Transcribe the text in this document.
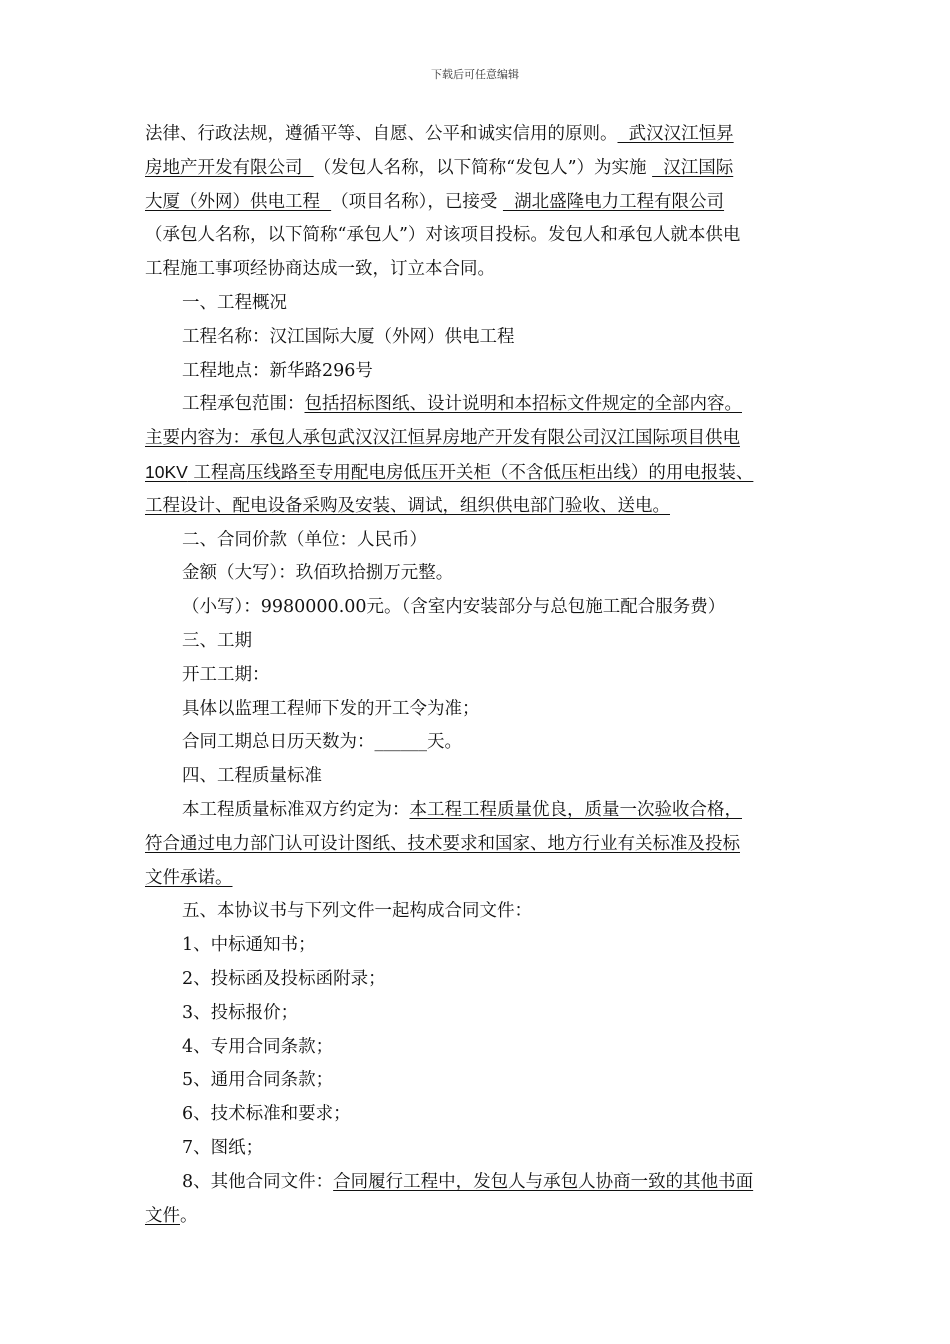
下载后可任意编辑
法律、行政法规，遵循平等、自愿、公平和诚实信用的原则。  武汉汉江恒昇
房地产开发有限公司  （发包人名称，以下简称“发包人”）为实施   汉江国际
大厦（外网）供电工程  （项目名称），已接受   湖北盛隆电力工程有限公司
（承包人名称，以下简称“承包人”）对该项目投标。发包人和承包人就本供电
工程施工事项经协商达成一致，订立本合同。
一、工程概况
工程名称：汉江国际大厦（外网）供电工程
工程地点：新华路296号
工程承包范围：包括招标图纸、设计说明和本招标文件规定的全部内容。
主要内容为：承包人承包武汉汉江恒昇房地产开发有限公司汉江国际项目供电
10KV 工程高压线路至专用配电房低压开关柜（不含低压柜出线）的用电报装、
工程设计、配电设备采购及安装、调试，组织供电部门验收、送电。
二、合同价款（单位：人民币）
金额（大写）：玖佰玖拾捌万元整。
（小写）：9980000.00元。（含室内安装部分与总包施工配合服务费）
三、工期
开工工期：
具体以监理工程师下发的开工令为准；
合同工期总日历天数为：______天。
四、工程质量标准
本工程质量标准双方约定为：本工程工程质量优良，质量一次验收合格，
符合通过电力部门认可设计图纸、技术要求和国家、地方行业有关标准及投标
文件承诺。
五、本协议书与下列文件一起构成合同文件：
1、中标通知书；
2、投标函及投标函附录；
3、投标报价；
4、专用合同条款；
5、通用合同条款；
6、技术标准和要求；
7、图纸；
8、其他合同文件：合同履行工程中，发包人与承包人协商一致的其他书面
文件。
